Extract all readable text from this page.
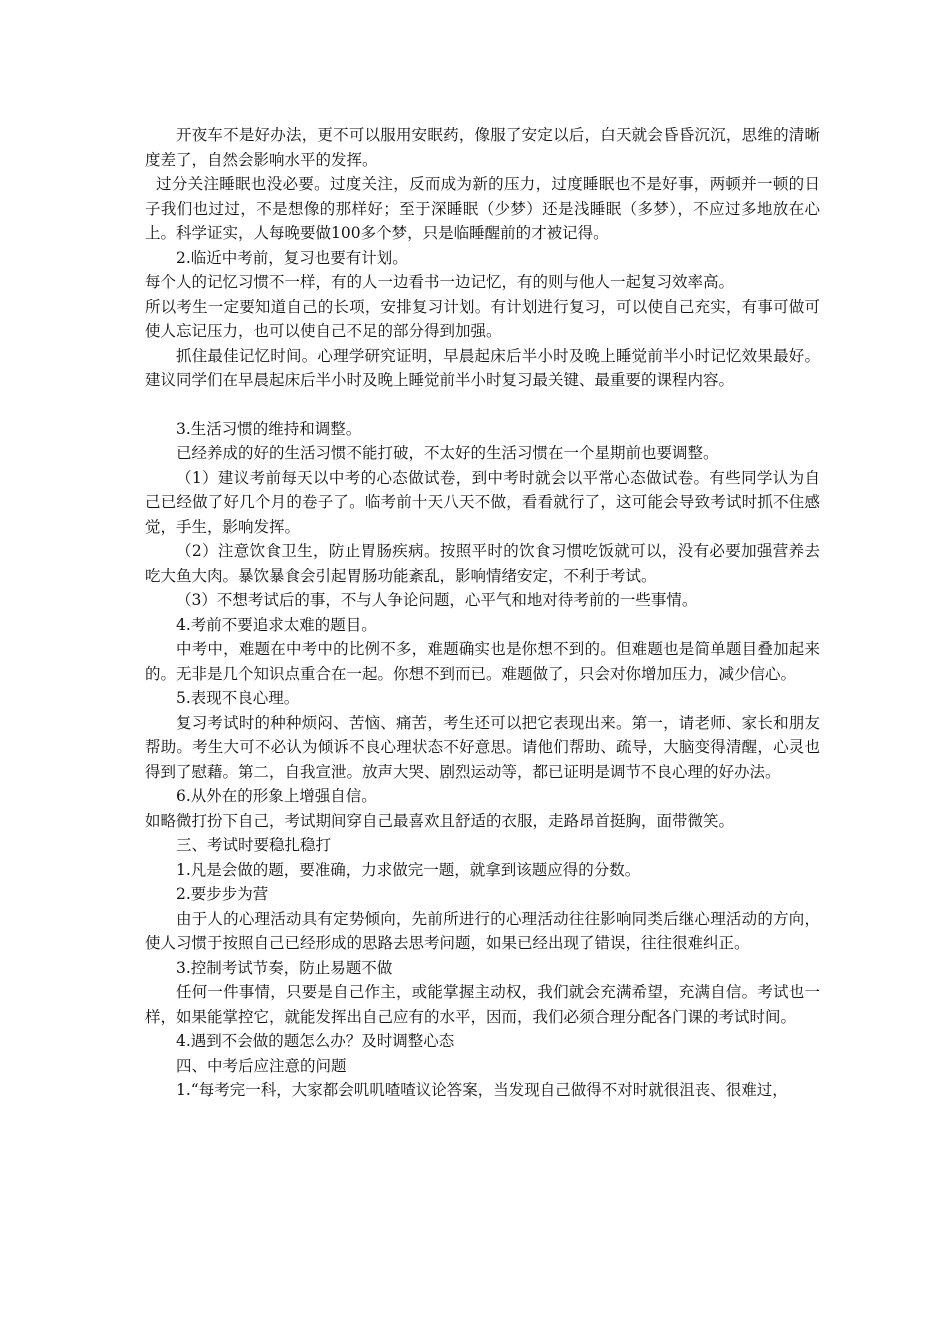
开夜车不是好办法，更不可以服用安眠药，像服了安定以后，白天就会昏昏沉沉，思维的清晰度差了，自然会影响水平的发挥。

过分关注睡眠也没必要。过度关注，反而成为新的压力，过度睡眠也不是好事，两顿并一顿的日子我们也过过，不是想像的那样好；至于深睡眠（少梦）还是浅睡眠（多梦），不应过多地放在心上。科学证实，人每晚要做100多个梦，只是临睡醒前的才被记得。

2.临近中考前，复习也要有计划。

每个人的记忆习惯不一样，有的人一边看书一边记忆，有的则与他人一起复习效率高。

所以考生一定要知道自己的长项，安排复习计划。有计划进行复习，可以使自己充实，有事可做可使人忘记压力，也可以使自己不足的部分得到加强。

抓住最佳记忆时间。心理学研究证明，早晨起床后半小时及晚上睡觉前半小时记忆效果最好。建议同学们在早晨起床后半小时及晚上睡觉前半小时复习最关键、最重要的课程内容。

3.生活习惯的维持和调整。

已经养成的好的生活习惯不能打破，不太好的生活习惯在一个星期前也要调整。

（1）建议考前每天以中考的心态做试卷，到中考时就会以平常心态做试卷。有些同学认为自己已经做了好几个月的卷子了。临考前十天八天不做，看看就行了，这可能会导致考试时抓不住感觉，手生，影响发挥。

（2）注意饮食卫生，防止胃肠疾病。按照平时的饮食习惯吃饭就可以，没有必要加强营养去吃大鱼大肉。暴饮暴食会引起胃肠功能紊乱，影响情绪安定，不利于考试。

（3）不想考试后的事，不与人争论问题，心平气和地对待考前的一些事情。

4.考前不要追求太难的题目。

中考中，难题在中考中的比例不多，难题确实也是你想不到的。但难题也是简单题目叠加起来的。无非是几个知识点重合在一起。你想不到而已。难题做了，只会对你增加压力，减少信心。

5.表现不良心理。

复习考试时的种种烦闷、苦恼、痛苦，考生还可以把它表现出来。第一，请老师、家长和朋友帮助。考生大可不必认为倾诉不良心理状态不好意思。请他们帮助、疏导，大脑变得清醒，心灵也得到了慰藉。第二，自我宣泄。放声大哭、剧烈运动等，都已证明是调节不良心理的好办法。

6.从外在的形象上增强自信。

如略微打扮下自己，考试期间穿自己最喜欢且舒适的衣服，走路昂首挺胸，面带微笑。

三、考试时要稳扎稳打

1.凡是会做的题，要准确，力求做完一题，就拿到该题应得的分数。

2.要步步为营

由于人的心理活动具有定势倾向，先前所进行的心理活动往往影响同类后继心理活动的方向，使人习惯于按照自己已经形成的思路去思考问题，如果已经出现了错误，往往很难纠正。

3.控制考试节奏，防止易题不做

任何一件事情，只要是自己作主，或能掌握主动权，我们就会充满希望，充满自信。考试也一样，如果能掌控它，就能发挥出自己应有的水平，因而，我们必须合理分配各门课的考试时间。

4.遇到不会做的题怎么办？及时调整心态

四、中考后应注意的问题

1.“每考完一科，大家都会叽叽喳喳议论答案，当发现自己做得不对时就很沮丧、很难过，
